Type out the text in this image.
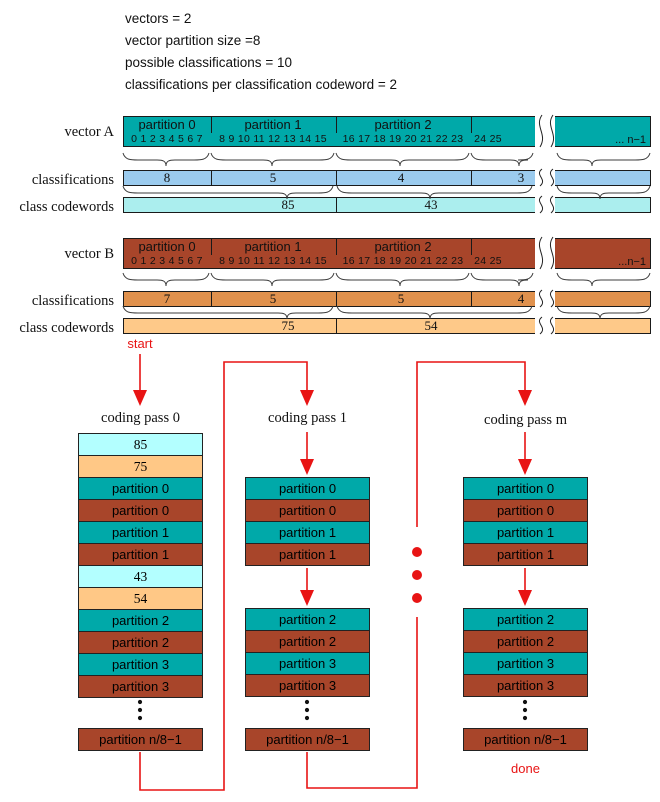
vectors = 2
vector partition size =8
possible classifications = 10
classifications per classification codeword = 2
vector A
classifications
class codewords
partition 0	partition 1	partition 2
0 1 2 3 4 5 6 7 8 9 10 11 12 13 14 15 16 17 18 19 20 21 22 23 24 25	... n−1
8	5	4	3
85	43
vector B
classifications
class codewords
partition 0	partition 1	partition 2
0 1 2 3 4 5 6 7 8 9 10 11 12 13 14 15 16 17 18 19 20 21 22 23 24 25	...n−1
7	5	5	4
75	54
start
done
coding pass 0
85
75
partition 0
partition 0
partition 1
partition 1
43
54
partition 2
partition 2
partition 3
partition 3
partition n/8−1
coding pass 1
partition 0
partition 0
partition 1
partition 1
partition 2
partition 2
partition 3
partition 3
partition n/8−1
coding pass m
partition 0
partition 0
partition 1
partition 1
partition 2
partition 2
partition 3
partition 3
partition n/8−1
